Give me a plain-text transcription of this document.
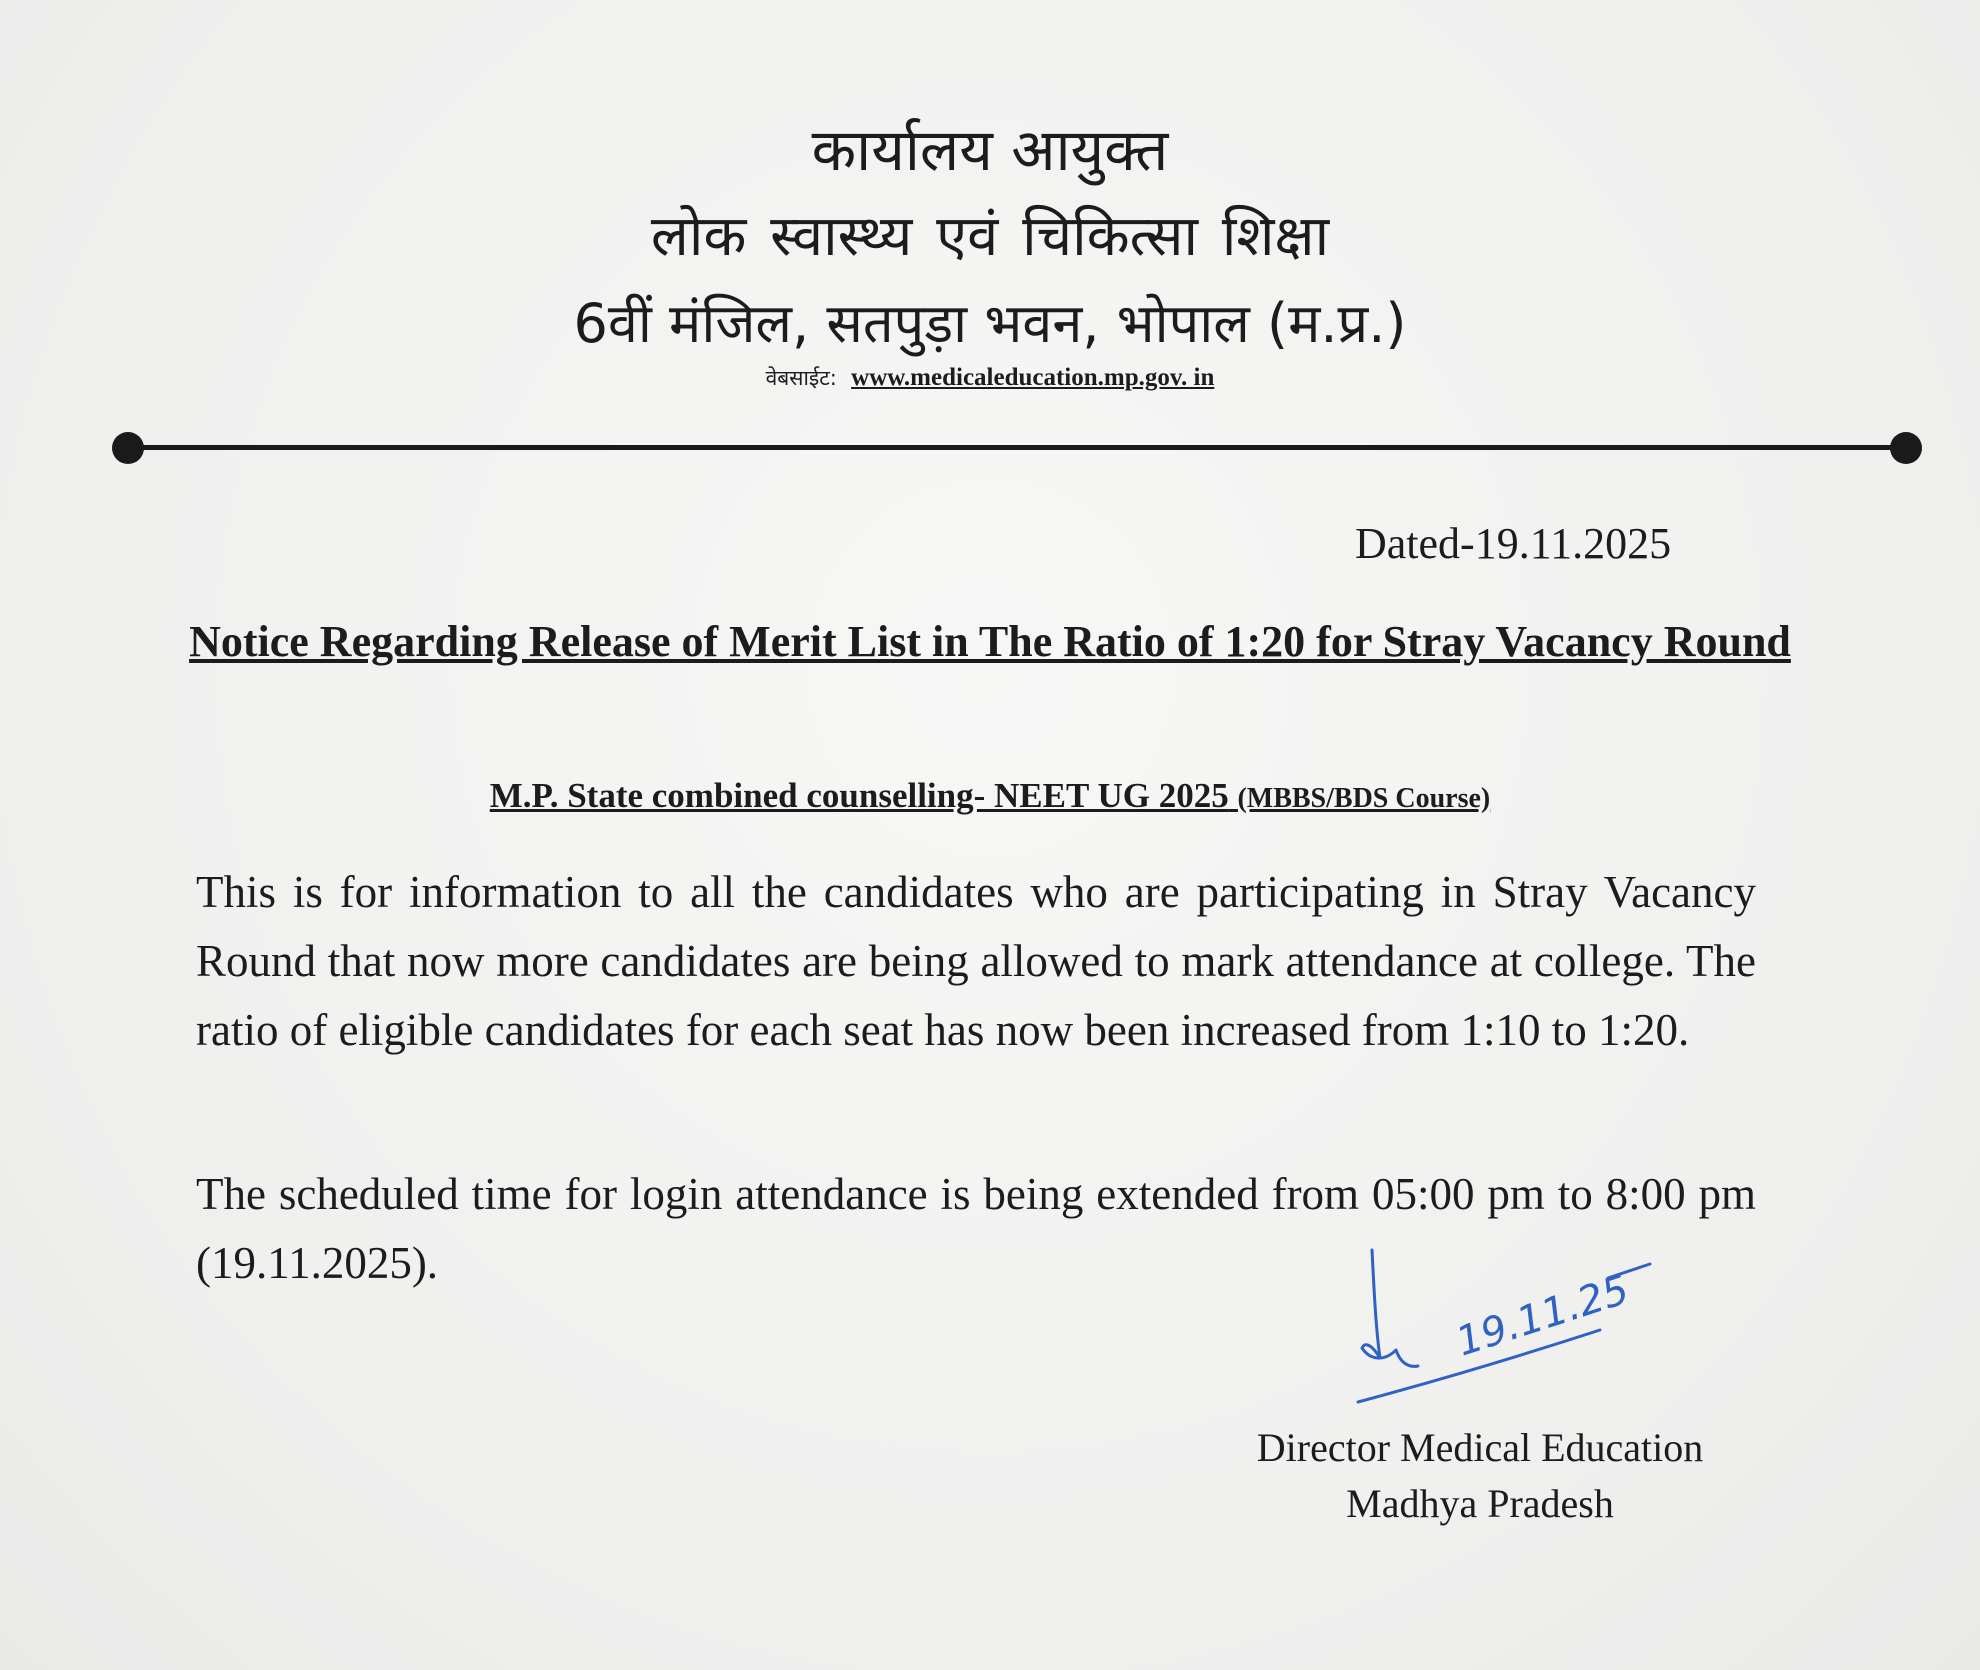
कार्यालय आयुक्त
लोक स्वास्थ्य एवं चिकित्सा शिक्षा
6वीं मंजिल, सतपुड़ा भवन, भोपाल (म.प्र.)
वेबसाईट: www.medicaleducation.mp.gov. in
Dated-19.11.2025
Notice Regarding Release of Merit List in The Ratio of 1:20 for Stray Vacancy Round
M.P. State combined counselling- NEET UG 2025 (MBBS/BDS Course)
This is for information to all the candidates who are participating in Stray Vacancy Round that now more candidates are being allowed to mark attendance at college. The ratio of eligible candidates for each seat has now been increased from 1:10 to 1:20.
The scheduled time for login attendance is being extended from 05:00 pm to 8:00 pm (19.11.2025).
19.11.25
Director Medical Education
Madhya Pradesh
